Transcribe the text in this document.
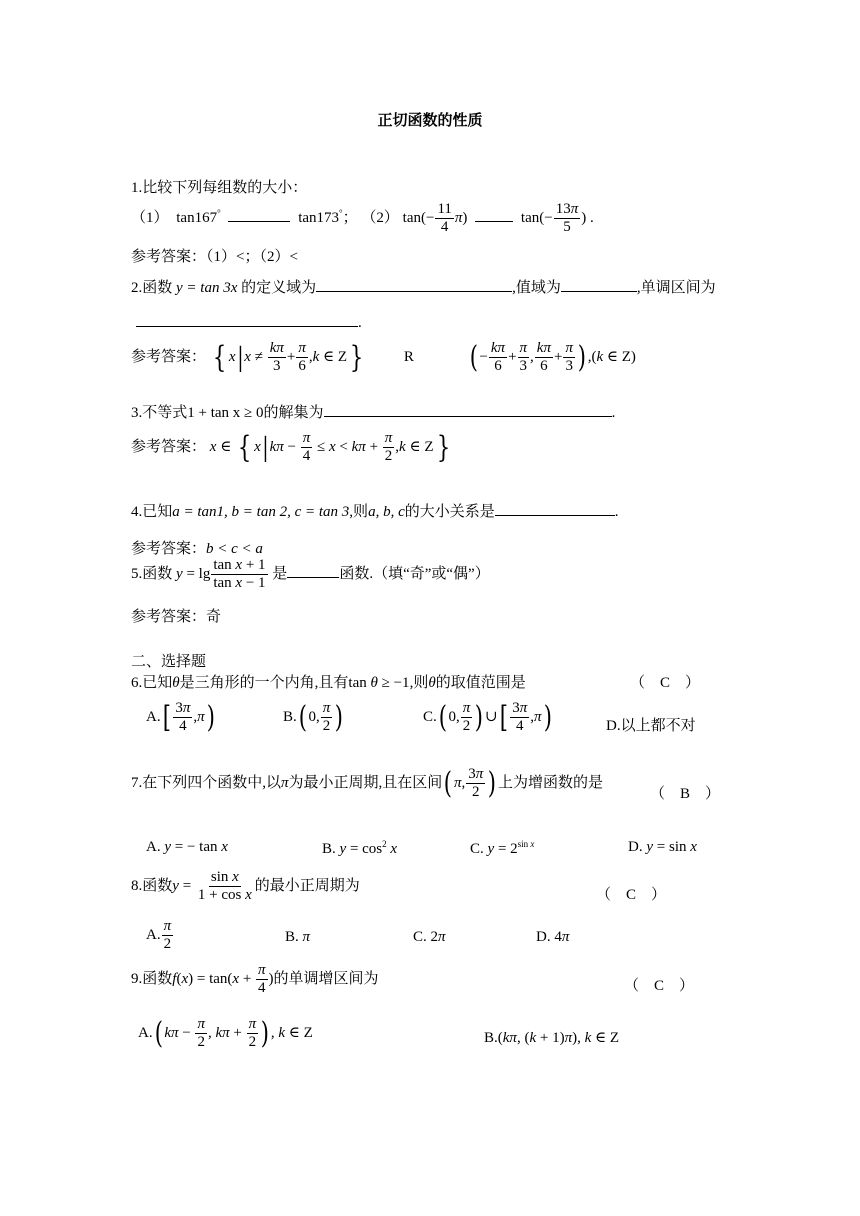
正切函数的性质
1.比较下列每组数的大小：
（1） tan167°	tan173°； （2） $\tan(- \frac{11}{4} \pi)$	$\tan(- \frac{13\pi}{5}$ ) .
参考答案：（1）<；（2）<
2.函数 y = tan 3x 的定义域为	,值域为	,单调区间为
.
参考答案： { $x|x \ne \frac{k\pi}{3} + \frac{\pi}{6} ,k$ ∈ Z}	R ( − $\frac{k\pi}{6} + \frac{\pi}{3}$ , $\frac{k\pi}{6} + \frac{\pi}{3}$ ) ,(k ∈ Z)
3.不等式1 + tan x ≥ 0的解集为	.
参考答案： x ∈ { $x|k\pi - \frac{\pi}{4} \le x < k\pi + \frac{\pi}{2} ,k$ ∈ Z}
4.已知a = tan1, b = tan 2, c = tan 3,则a, b, c的大小关系是	.
参考答案：b < c < a
5.函数 $y = \lg \frac{\text{tan x + 1}}{\text{tan x − 1}}$ 是	函数.（填“奇”或“偶”）
参考答案：奇
二、选择题
6.已知θ是三角形的一个内角,且有tan θ ≥ −1,则θ的取值范围是	（　C　）
$A.[ \frac{3\pi}{4} ,\pi)$	B.( 0, $\frac{\pi}{2}$ )	C.( 0, $\frac{\pi}{2}$ ) ∪[ $\frac{3\pi}{4} ,\pi$)	D.以上都不对
7.在下列四个函数中,以π为最小正周期,且在区间( π, $\frac{3\pi}{2}$ ) 上为增函数的是
（　B　）
A. y = − tan x	B. $y = \cos^2 x$	C. $y = 2^{sin x}$	D. y = sin x
8.函数$y = \frac{\text{sin x}}{\text{1 + cos x}}$ 的最小正周期为
（　C　）
A. $\frac{\pi}{2}$	B. π	C. 2π	D. 4π
9.函数$f(x) = \tan(x + \frac{\pi}{4}$ )的单调增区间为	（　C　）
A.( $k\pi - \frac{\pi}{2}$ , $k\pi + \frac{\pi}{2}$ ) , k ∈ Z	B.(kπ, (k + 1)π), k ∈ Z
